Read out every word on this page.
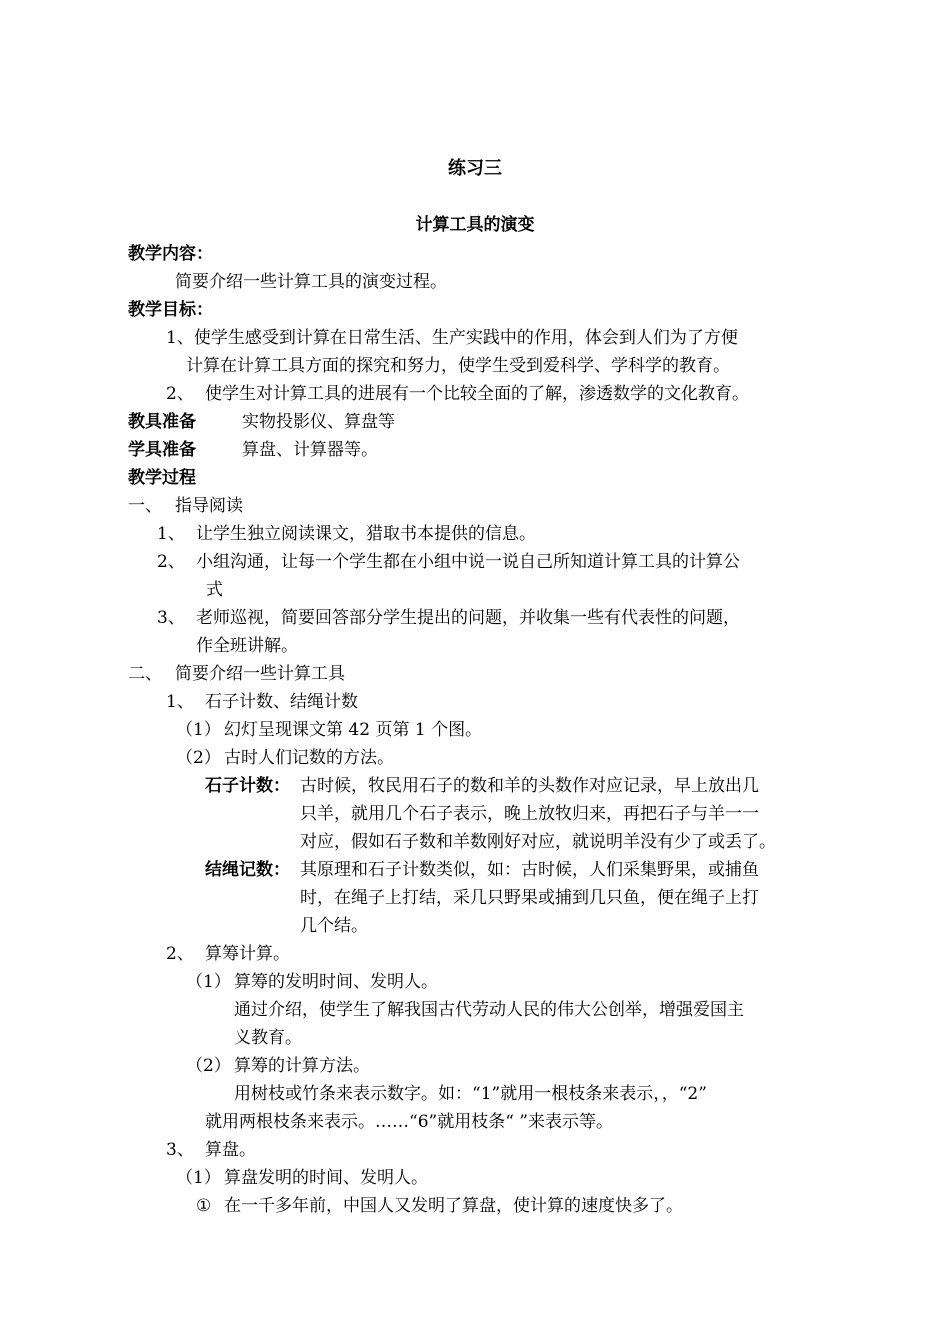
练习三
计算工具的演变
教学内容：
简要介绍一些计算工具的演变过程。
教学目标：
1、使学生感受到计算在日常生活、生产实践中的作用，体会到人们为了方便
计算在计算工具方面的探究和努力，使学生受到爱科学、学科学的教育。
2、 使学生对计算工具的进展有一个比较全面的了解，渗透数学的文化教育。
教具准备	实物投影仪、算盘等
学具准备	算盘、计算器等。
教学过程
一、 指导阅读
1、 让学生独立阅读课文，猎取书本提供的信息。
2、 小组沟通，让每一个学生都在小组中说一说自己所知道计算工具的计算公
式
3、 老师巡视，简要回答部分学生提出的问题，并收集一些有代表性的问题，
作全班讲解。
二、 简要介绍一些计算工具
1、 石子计数、结绳计数
（1） 幻灯呈现课文第 42 页第 1 个图。
（2） 古时人们记数的方法。
石子计数： 古时候，牧民用石子的数和羊的头数作对应记录，早上放出几
只羊，就用几个石子表示，晚上放牧归来，再把石子与羊一一
对应，假如石子数和羊数刚好对应，就说明羊没有少了或丢了。
结绳记数： 其原理和石子计数类似，如：古时候，人们采集野果，或捕鱼
时，在绳子上打结，采几只野果或捕到几只鱼，便在绳子上打
几个结。
2、 算筹计算。
（1） 算筹的发明时间、发明人。
通过介绍，使学生了解我国古代劳动人民的伟大公创举，增强爱国主
义教育。
（2） 算筹的计算方法。
用树枝或竹条来表示数字。如：“1”就用一根枝条来表示，，“2”
就用两根枝条来表示。……“6”就用枝条“ ”来表示等。
3、 算盘。
（1） 算盘发明的时间、发明人。
① 在一千多年前，中国人又发明了算盘，使计算的速度快多了。
